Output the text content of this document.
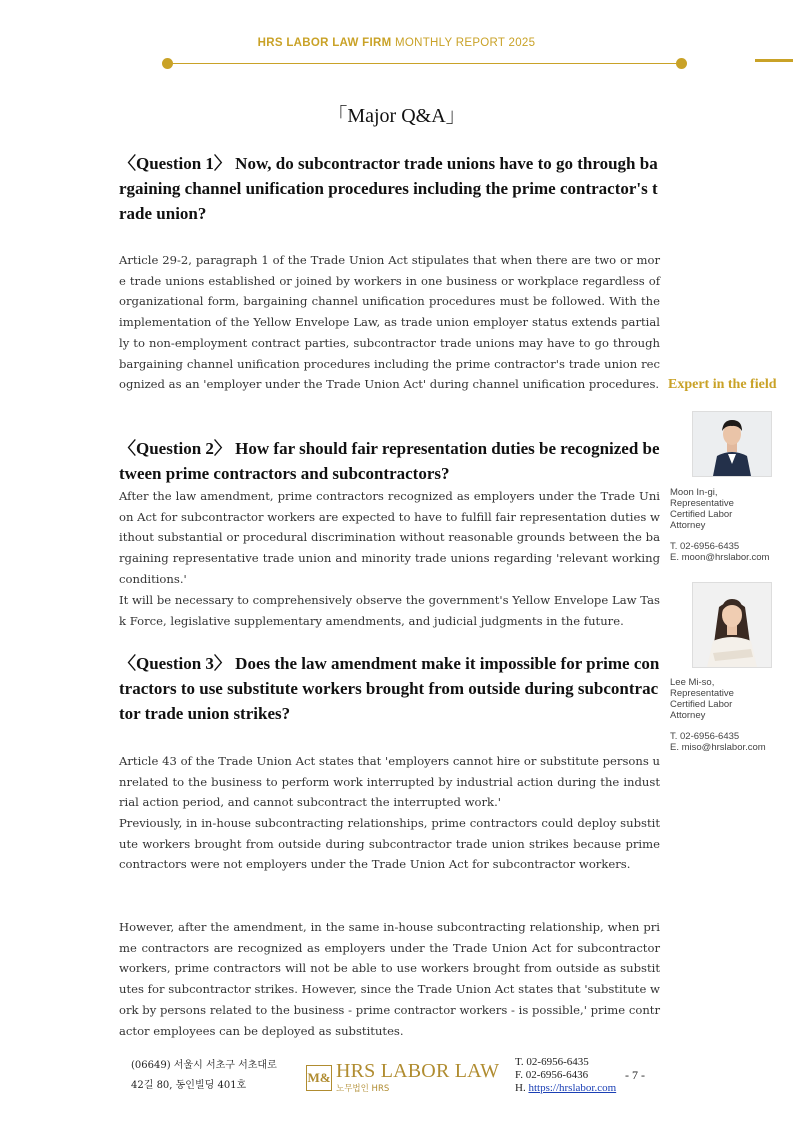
HRS LABOR LAW FIRM MONTHLY REPORT 2025
「Major Q&A」
〈Question 1〉 Now, do subcontractor trade unions have to go through bargaining channel unification procedures including the prime contractor's trade union?

Article 29-2, paragraph 1 of the Trade Union Act stipulates that when there are two or more trade unions established or joined by workers in one business or workplace regardless of organizational form, bargaining channel unification procedures must be followed. With the implementation of the Yellow Envelope Law, as trade union employer status extends partially to non-employment contract parties, subcontractor trade unions may have to go through bargaining channel unification procedures including the prime contractor's trade union recognized as an 'employer under the Trade Union Act' during channel unification procedures.

〈Question 2〉 How far should fair representation duties be recognized between prime contractors and subcontractors?

After the law amendment, prime contractors recognized as employers under the Trade Union Act for subcontractor workers are expected to have to fulfill fair representation duties without substantial or procedural discrimination without reasonable grounds between the bargaining representative trade union and minority trade unions regarding 'relevant working conditions.'

It will be necessary to comprehensively observe the government's Yellow Envelope Law Task Force, legislative supplementary amendments, and judicial judgments in the future.

〈Question 3〉 Does the law amendment make it impossible for prime contractors to use substitute workers brought from outside during subcontractor trade union strikes?

Article 43 of the Trade Union Act states that 'employers cannot hire or substitute persons unrelated to the business to perform work interrupted by industrial action during the industrial action period, and cannot subcontract the interrupted work.'

Previously, in in-house subcontracting relationships, prime contractors could deploy substitute workers brought from outside during subcontractor trade union strikes because prime contractors were not employers under the Trade Union Act for subcontractor workers.

However, after the amendment, in the same in-house subcontracting relationship, when prime contractors are recognized as employers under the Trade Union Act for subcontractor workers, prime contractors will not be able to use workers brought from outside as substitutes for subcontractor strikes. However, since the Trade Union Act states that 'substitute work by persons related to the business - prime contractor workers - is possible,' prime contractor employees can be deployed as substitutes.

Expert in the field
Moon In-gi,
Representative
Certified Labor
Attorney
T. 02-6956-6435
E. moon@hrslabor.com
Lee Mi-so,
Representative
Certified Labor
Attorney
T. 02-6956-6435
E. miso@hrslabor.com
(06649) 서울시 서초구 서초대로
42길 80, 동인빌딩 401호
M& HRS LABOR LAW
노무법인 HRS
T. 02-6956-6435
F. 02-6956-6436
H. https://hrslabor.com
- 7 -
